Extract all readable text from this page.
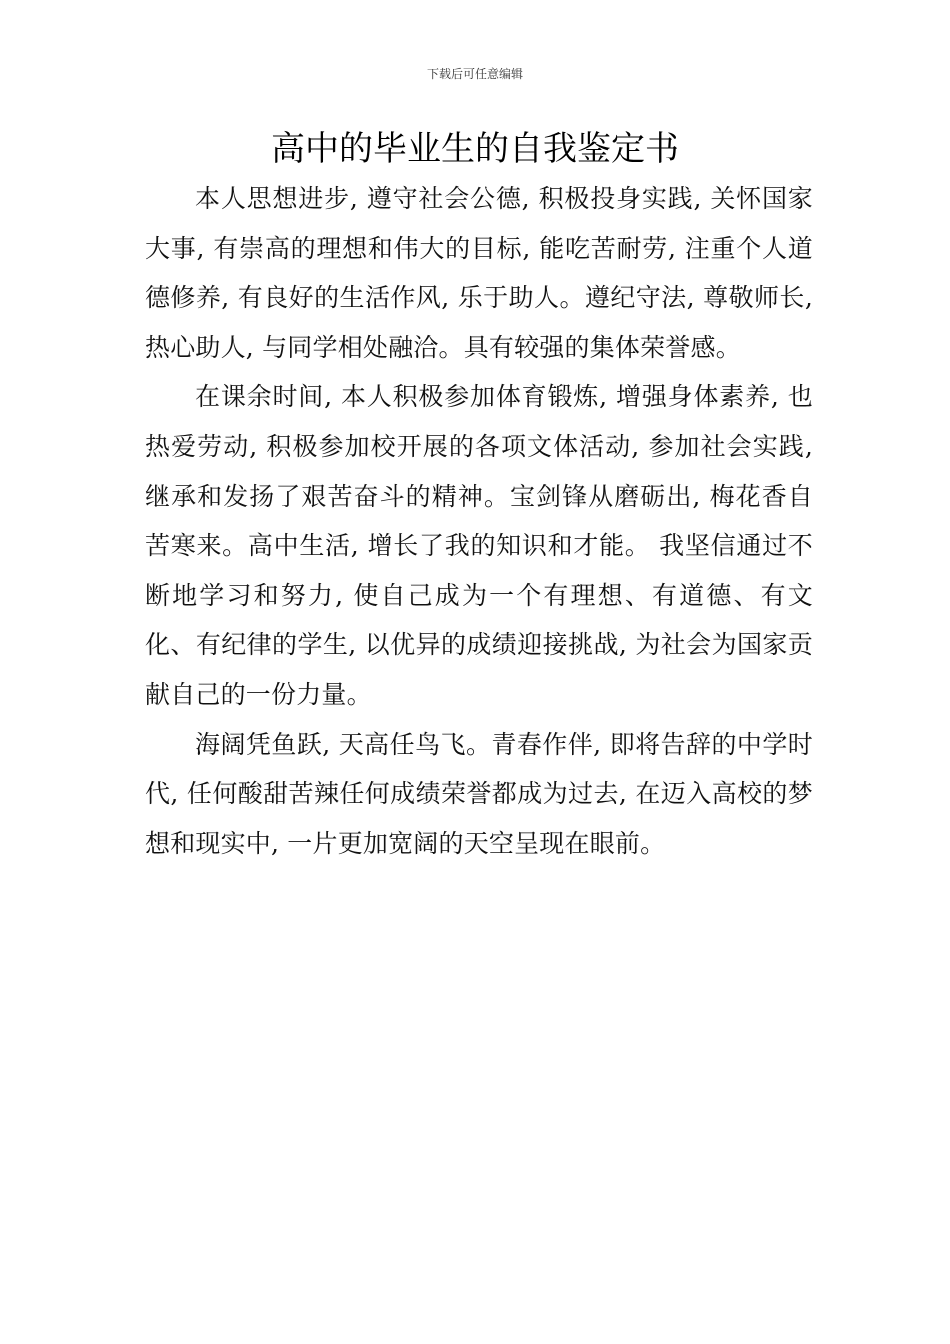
下载后可任意编辑
高中的毕业生的自我鉴定书

本人思想进步, 遵守社会公德, 积极投身实践, 关怀国家大事, 有崇高的理想和伟大的目标, 能吃苦耐劳, 注重个人道德修养, 有良好的生活作风, 乐于助人。遵纪守法, 尊敬师长, 热心助人, 与同学相处融洽。具有较强的集体荣誉感。

在课余时间, 本人积极参加体育锻炼, 增强身体素养, 也热爱劳动, 积极参加校开展的各项文体活动, 参加社会实践, 继承和发扬了艰苦奋斗的精神。宝剑锋从磨砺出, 梅花香自苦寒来。高中生活, 增长了我的知识和才能。 我坚信通过不断地学习和努力, 使自己成为一个有理想、有道德、有文化、有纪律的学生, 以优异的成绩迎接挑战, 为社会为国家贡献自己的一份力量。

海阔凭鱼跃, 天高任鸟飞。青春作伴, 即将告辞的中学时代, 任何酸甜苦辣任何成绩荣誉都成为过去, 在迈入高校的梦想和现实中, 一片更加宽阔的天空呈现在眼前。
